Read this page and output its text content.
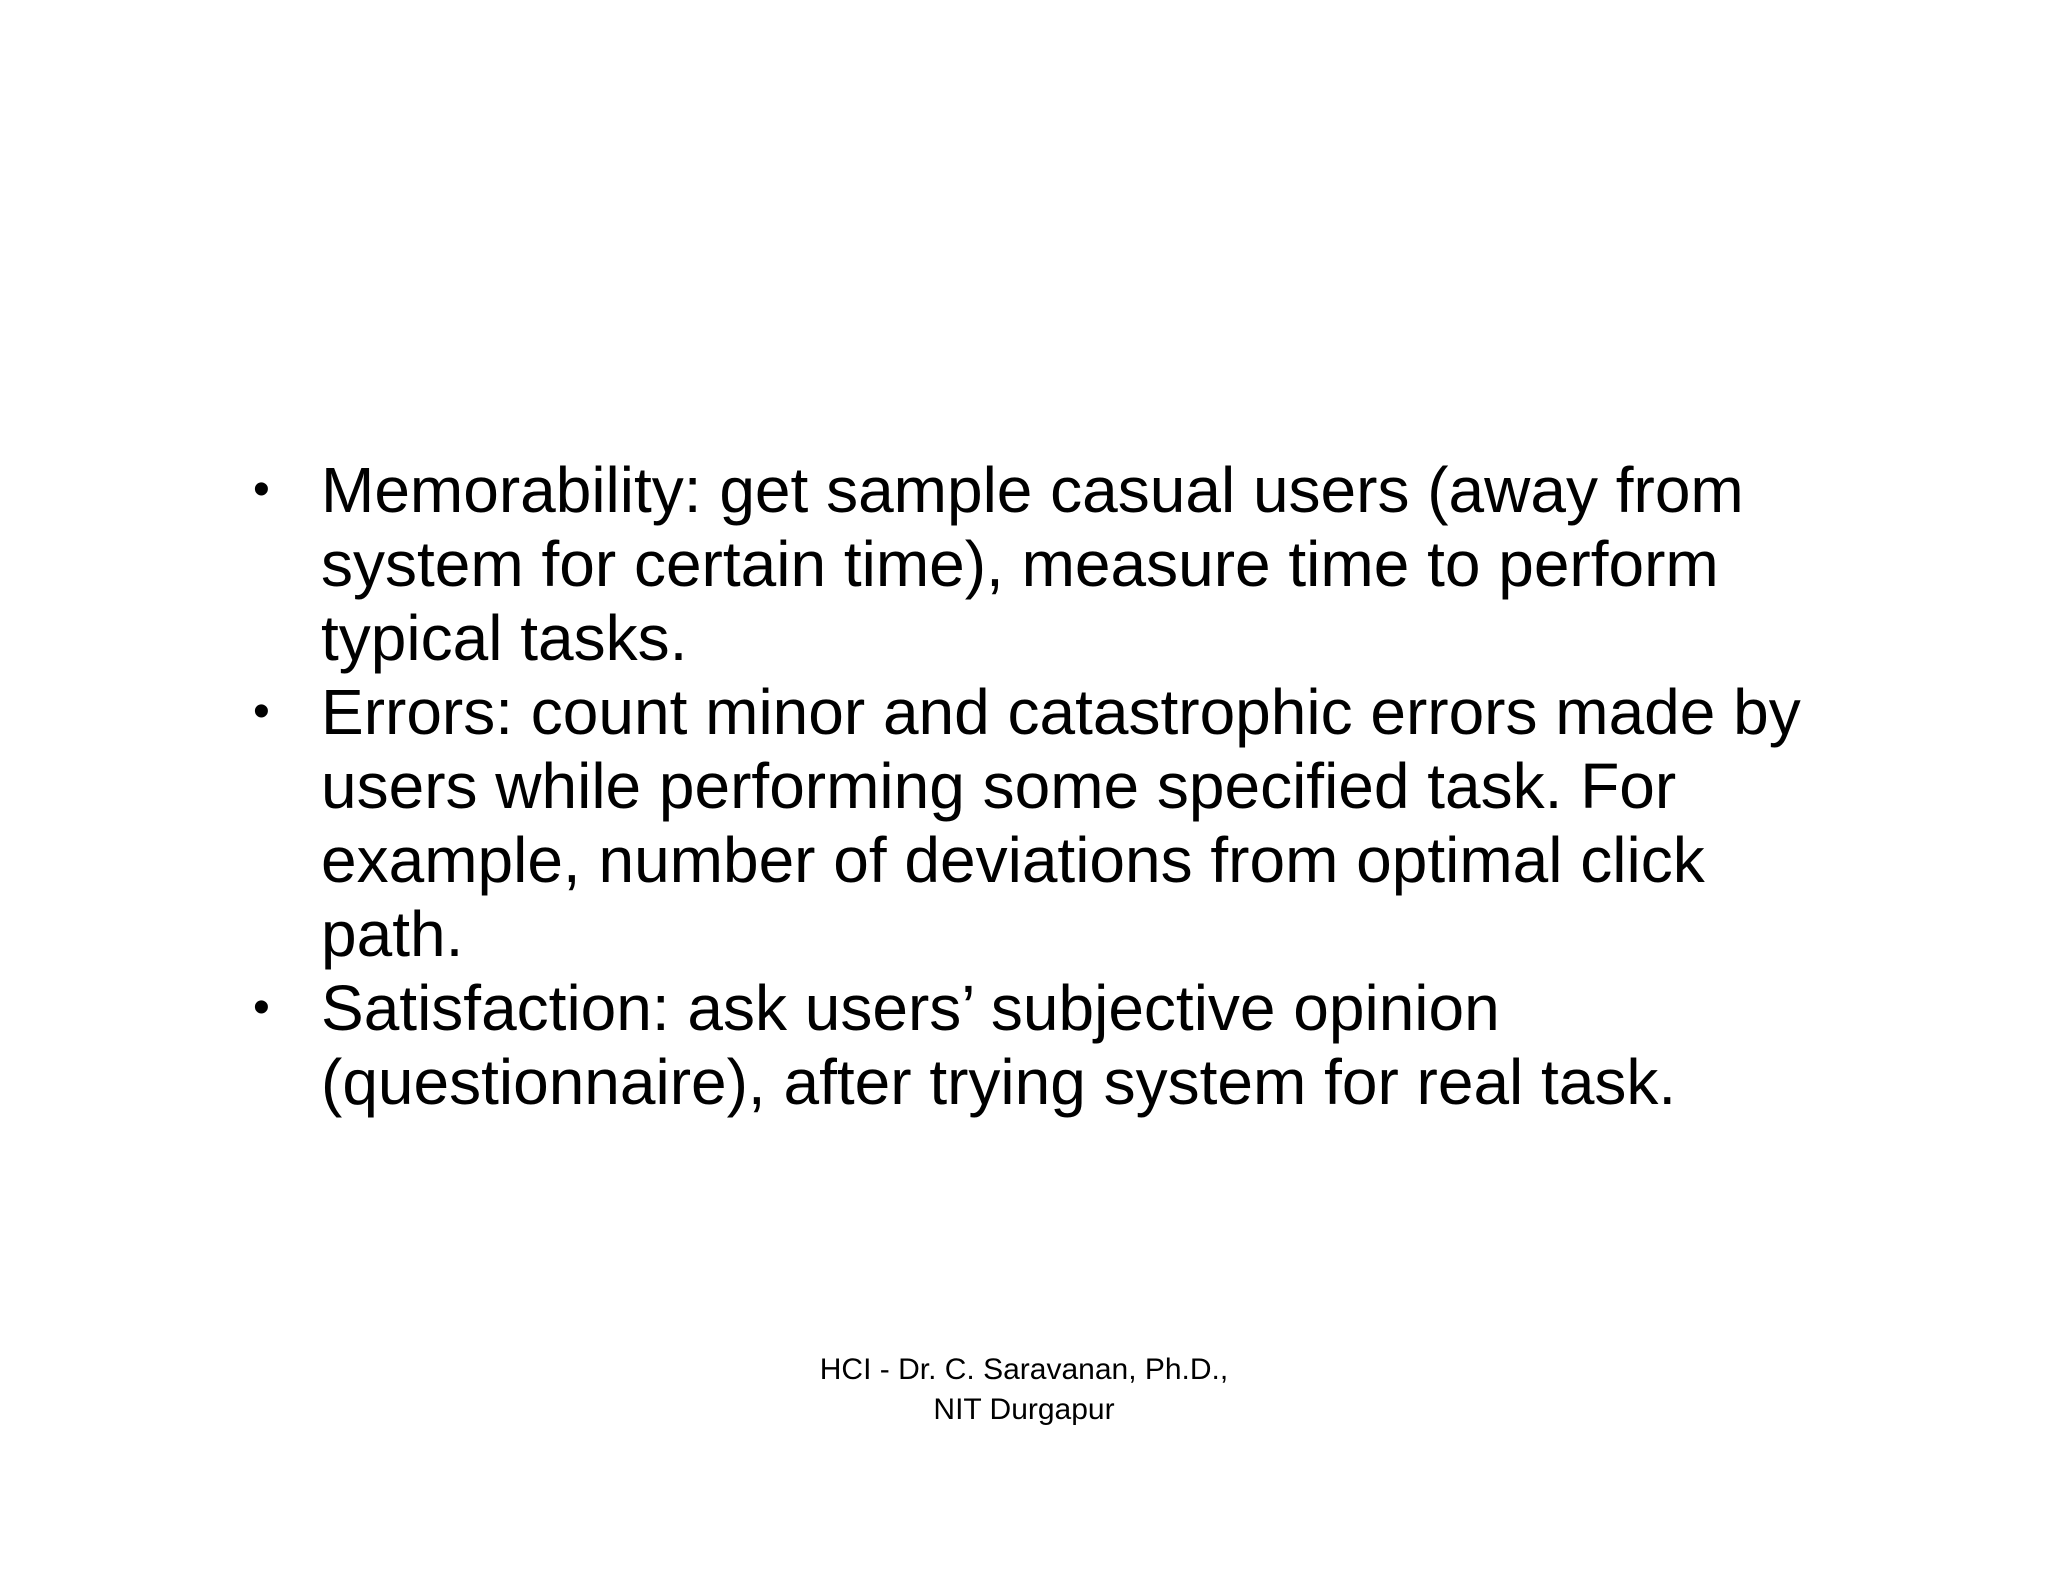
• Memorability: get sample casual users (away from system for certain time), measure time to perform typical tasks.
• Errors: count minor and catastrophic errors made by users while performing some specified task. For example, number of deviations from optimal click path.
• Satisfaction: ask users’ subjective opinion (questionnaire), after trying system for real task.
HCI - Dr. C. Saravanan, Ph.D.,
NIT Durgapur
